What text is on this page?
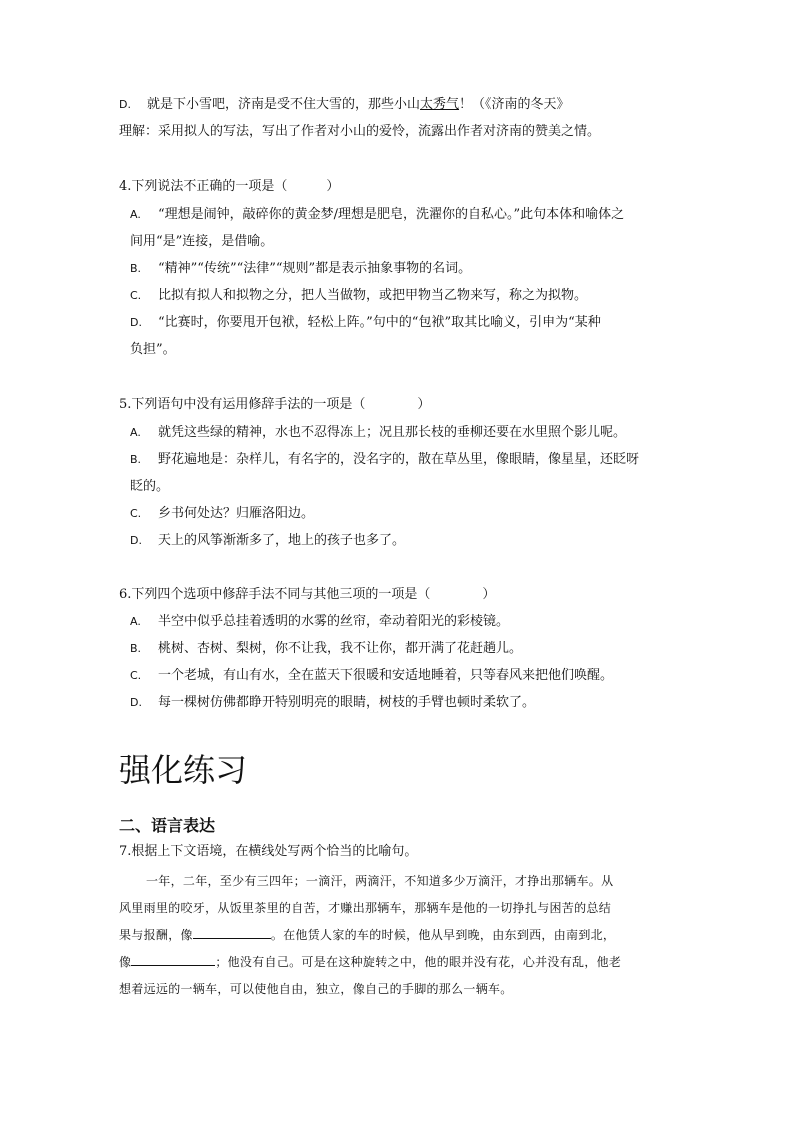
D. 就是下小雪吧，济南是受不住大雪的，那些小山太秀气！（《济南的冬天》
理解：采用拟人的写法，写出了作者对小山的爱怜，流露出作者对济南的赞美之情。
4.下列说法不正确的一项是（　　　）
A. “理想是闹钟，敲碎你的黄金梦/理想是肥皂，洗濯你的自私心。”此句本体和喻体之
间用“是”连接，是借喻。
B. “精神”“传统”“法律”“规则”都是表示抽象事物的名词。
C. 比拟有拟人和拟物之分，把人当做物，或把甲物当乙物来写，称之为拟物。
D. “比赛时，你要甩开包袱，轻松上阵。”句中的“包袱”取其比喻义，引申为“某种
负担”。
5.下列语句中没有运用修辞手法的一项是（　　　　）
A. 就凭这些绿的精神，水也不忍得冻上；况且那长枝的垂柳还要在水里照个影儿呢。
B. 野花遍地是：杂样儿，有名字的，没名字的，散在草丛里，像眼睛，像星星，还眨呀
眨的。
C. 乡书何处达？归雁洛阳边。
D. 天上的风筝渐渐多了，地上的孩子也多了。
6.下列四个选项中修辞手法不同与其他三项的一项是（　　　　）
A. 半空中似乎总挂着透明的水雾的丝帘，牵动着阳光的彩棱镜。
B. 桃树、杏树、梨树，你不让我，我不让你，都开满了花赶趟儿。
C. 一个老城，有山有水，全在蓝天下很暖和安适地睡着，只等春风来把他们唤醒。
D. 每一棵树仿佛都睁开特别明亮的眼睛，树枝的手臂也顿时柔软了。
强化练习
二、语言表达
7.根据上下文语境，在横线处写两个恰当的比喻句。
一年，二年，至少有三四年；一滴汗，两滴汗，不知道多少万滴汗，才挣出那辆车。从
风里雨里的咬牙，从饭里茶里的自苦，才赚出那辆车，那辆车是他的一切挣扎与困苦的总结
果与报酬，像	。在他赁人家的车的时候，他从早到晚，由东到西，由南到北，
像	；他没有自己。可是在这种旋转之中，他的眼并没有花，心并没有乱，他老
想着远远的一辆车，可以使他自由，独立，像自己的手脚的那么一辆车。
